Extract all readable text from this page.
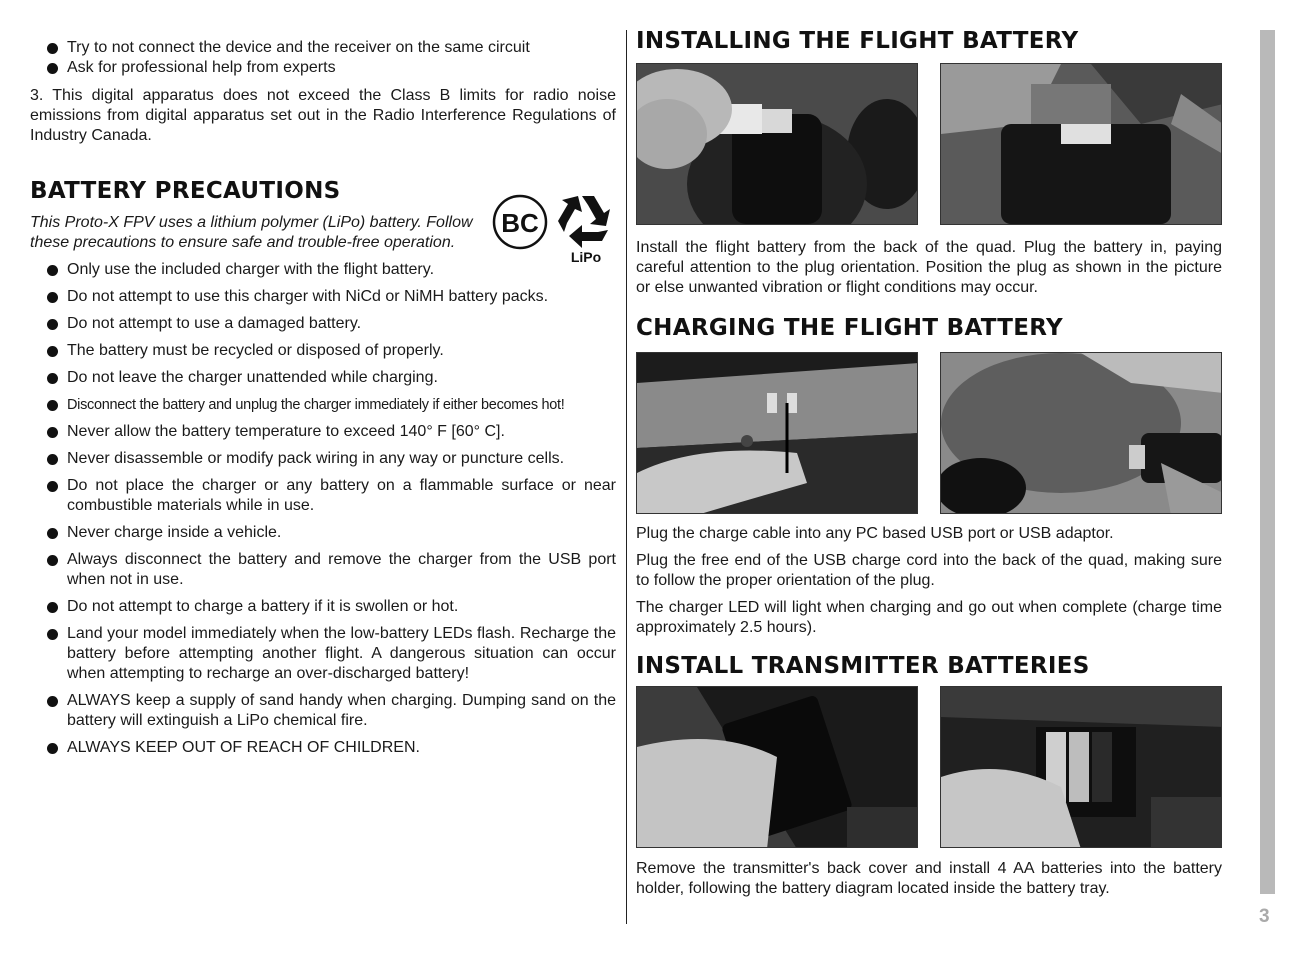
3
Try to not connect the device and the receiver on the same circuit
Ask for professional help from experts

3. This digital apparatus does not exceed the Class B limits for radio noise emissions from digital apparatus set out in the Radio Interference Regulations of Industry Canada.

BATTERY PRECAUTIONS

This Proto-X FPV uses a lithium polymer (LiPo) battery. Follow these precautions to ensure safe and trouble-free operation.

Only use the included charger with the flight battery.
Do not attempt to use this charger with NiCd or NiMH battery packs.
Do not attempt to use a damaged battery.
The battery must be recycled or disposed of properly.
Do not leave the charger unattended while charging.
Disconnect the battery and unplug the charger immediately if either becomes hot!
Never allow the battery temperature to exceed 140° F [60° C].
Never disassemble or modify pack wiring in any way or puncture cells.
Do not place the charger or any battery on a flammable surface or near combustible materials while in use.
Never charge inside a vehicle.
Always disconnect the battery and remove the charger from the USB port when not in use.
Do not attempt to charge a battery if it is swollen or hot.
Land your model immediately when the low-battery LEDs flash. Recharge the battery before attempting another flight. A dangerous situation can occur when attempting to recharge an over-discharged battery!
ALWAYS keep a supply of sand handy when charging. Dumping sand on the battery will extinguish a LiPo chemical fire.
ALWAYS KEEP OUT OF REACH OF CHILDREN.
BC
LiPo
INSTALLING THE FLIGHT BATTERY

Install the flight battery from the back of the quad. Plug the battery in, paying careful attention to the plug orientation. Position the plug as shown in the picture or else unwanted vibration or flight conditions may occur.

CHARGING THE FLIGHT BATTERY

Plug the charge cable into any PC based USB port or USB adaptor.

Plug the free end of the USB charge cord into the back of the quad, making sure to follow the proper orientation of the plug.

The charger LED will light when charging and go out when complete (charge time approximately 2.5 hours).

INSTALL TRANSMITTER BATTERIES

Remove the transmitter's back cover and install 4 AA batteries into the battery holder, following the battery diagram located inside the battery tray.
